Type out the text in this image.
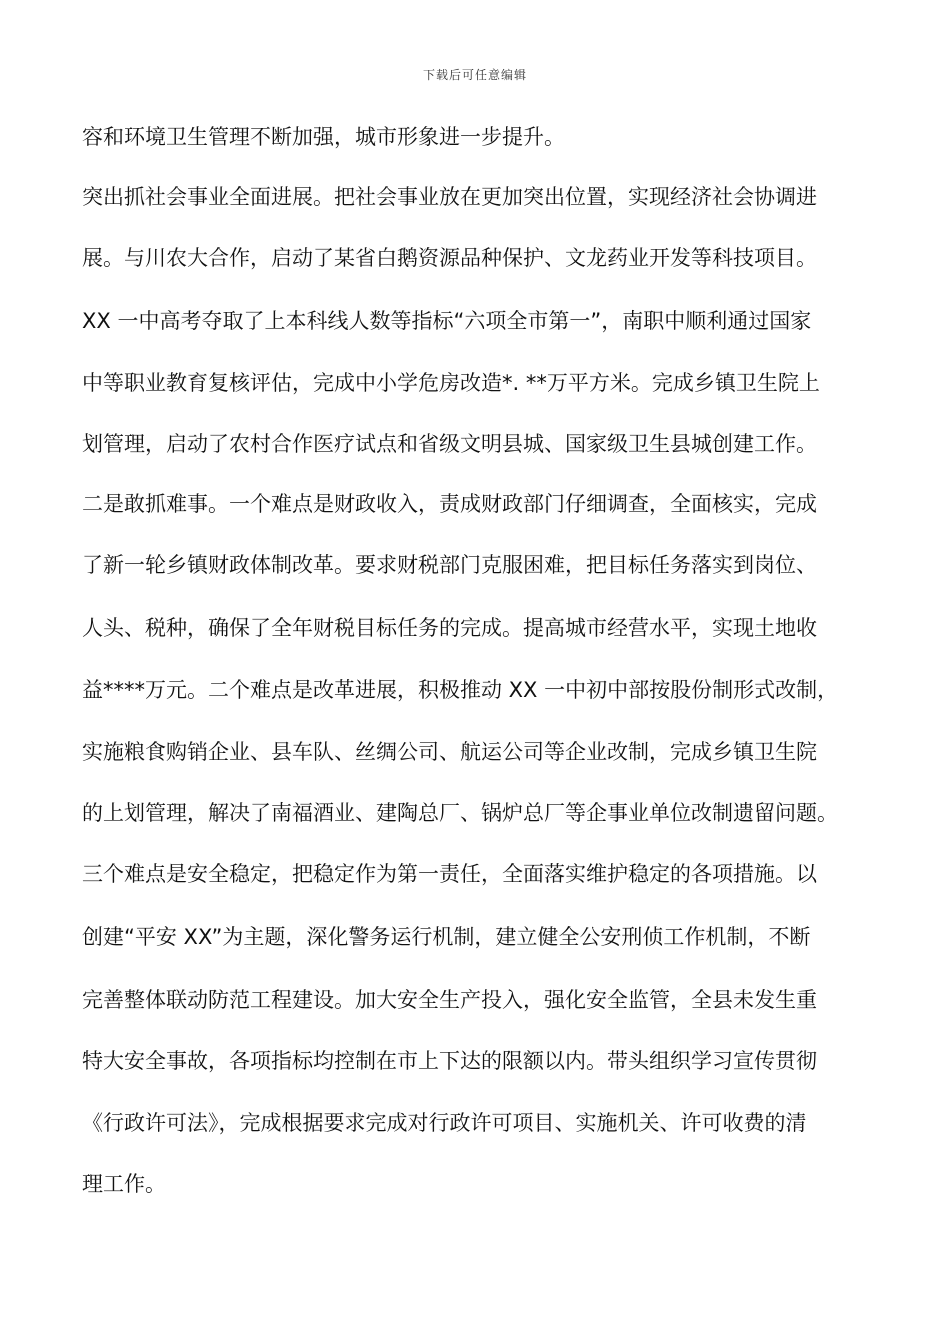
下载后可任意编辑
容和环境卫生管理不断加强，城市形象进一步提升。
突出抓社会事业全面进展。把社会事业放在更加突出位置，实现经济社会协调进
展。与川农大合作，启动了某省白鹅资源品种保护、文龙药业开发等科技项目。
XX 一中高考夺取了上本科线人数等指标“六项全市第一”，南职中顺利通过国家
中等职业教育复核评估，完成中小学危房改造*. **万平方米。完成乡镇卫生院上
划管理，启动了农村合作医疗试点和省级文明县城、国家级卫生县城创建工作。
二是敢抓难事。一个难点是财政收入，责成财政部门仔细调查，全面核实，完成
了新一轮乡镇财政体制改革。要求财税部门克服困难，把目标任务落实到岗位、
人头、税种，确保了全年财税目标任务的完成。提高城市经营水平，实现土地收
益****万元。二个难点是改革进展，积极推动 XX 一中初中部按股份制形式改制，
实施粮食购销企业、县车队、丝绸公司、航运公司等企业改制，完成乡镇卫生院
的上划管理，解决了南福酒业、建陶总厂、锅炉总厂等企事业单位改制遗留问题。
三个难点是安全稳定，把稳定作为第一责任，全面落实维护稳定的各项措施。以
创建“平安 XX”为主题，深化警务运行机制，建立健全公安刑侦工作机制，不断
完善整体联动防范工程建设。加大安全生产投入，强化安全监管，全县未发生重
特大安全事故，各项指标均控制在市上下达的限额以内。带头组织学习宣传贯彻
《行政许可法》，完成根据要求完成对行政许可项目、实施机关、许可收费的清
理工作。
